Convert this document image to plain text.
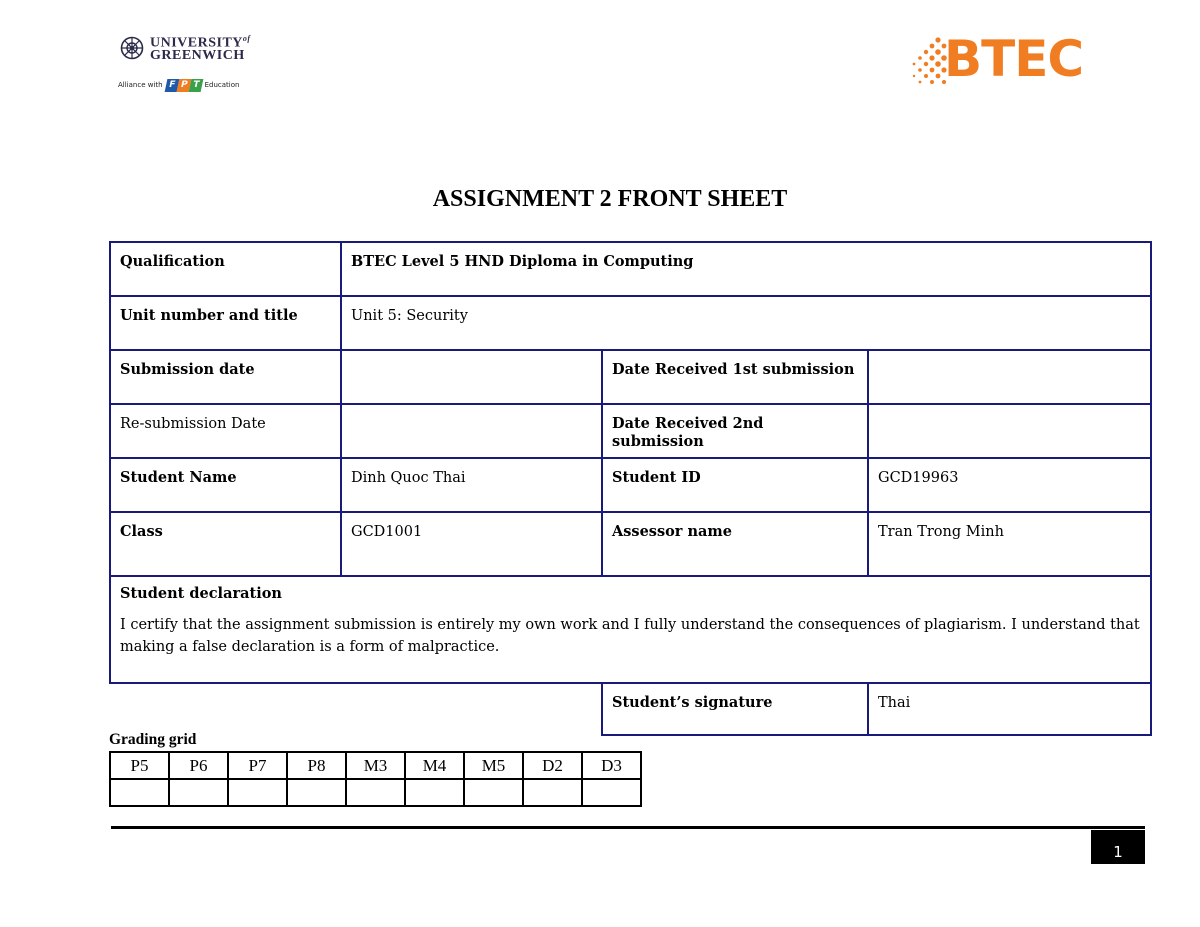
$UNIVERSITY^{of}$
GREENWICH
Alliance with F P T Education	BTEC
ASSIGNMENT 2 FRONT SHEET
Qualification	BTEC Level 5 HND Diploma in Computing		
Unit number and title	Unit 5: Security		
Submission date		Date Received 1st submission	
Re-submission Date		Date Received 2nd submission	
Student Name	Dinh Quoc Thai	Student ID	GCD19963
Class	GCD1001	Assessor name	Tran Trong Minh

Student declaration
I certify that the assignment submission is entirely my own work and I fully understand the consequences of plagiarism. I understand that making a false declaration is a form of malpractice.			

		Student’s signature	Thai
Grading grid
P5	P6	P7	P8	M3	M4	M5	D2	D3

1
